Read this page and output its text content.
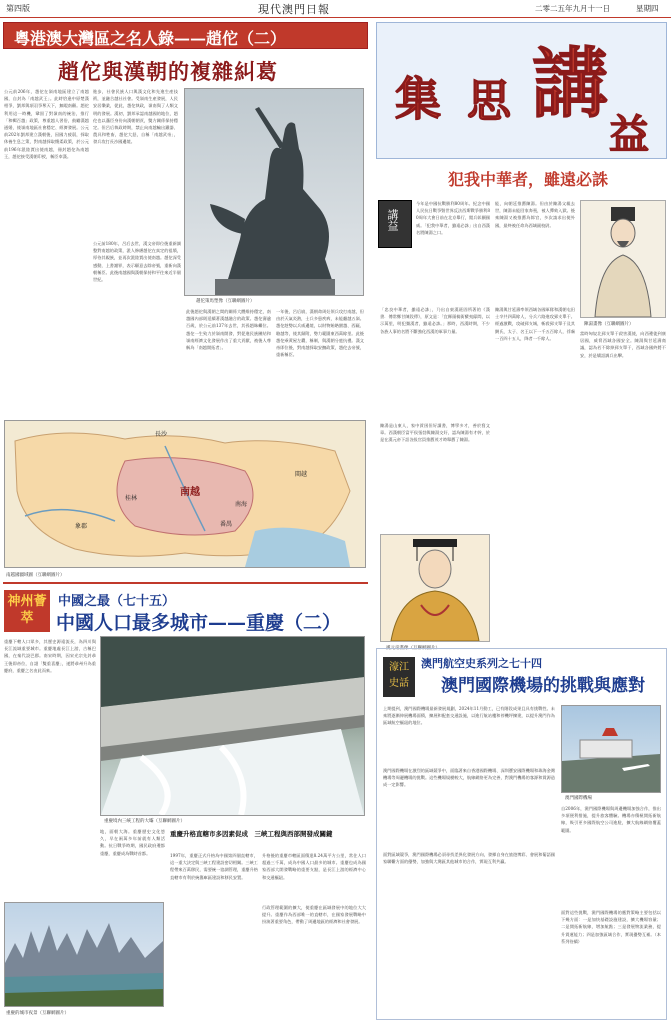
第四版	現代澳門日報	二零二五年九月十一日	星期四
粵港澳大灣區之名人錄——趙佗（二）
趙佗與漢朝的複雜糾葛
公元前206年，趙佗在嶺南地區建立了南越國，自封為「南越武王」。此時恰逢中原楚漢相爭，劉邦與項羽爭奪天下，無暇南顧。趙佗利用這一時機，鞏固了對嶺南的統治，推行「和輯百越」政策，尊重越人習俗，鼓勵漢越通婚，使嶺南地區社會穩定、經濟發展。公元前202年劉邦建立漢朝後，因國力疲弱，採取休養生息之策，對南越採取懷柔政策，於公元前196年派陸賈出使南越，冊封趙佗為南越王，趙佗接受漢朝印綬，稱臣奉漢。
進步，社會民族人口與漢文化和先進生產技術，並融合越社社會。受嶺南生產發展，人民安居樂業，從此，趙佗執政，嶺南與了人類文明的發展。漢初，劉邦承認南越國的地位，趙佗也以藩臣身份向漢朝朝貢，雙方關係保持穩定。但呂后執政時期，禁止向南越輸出鐵器、農具和牲畜，趙佗大怒，自稱「南越武帝」，發兵攻打長沙國邊境。
趙佗策馬塑像（互聯網圖片）
公元前180年，呂后去世，漢文帝即位後重新調整對南越的政策，派人修繕趙佗在真定的祖墳，厚待其親族，並再次派陸賈出使南越。趙佗深受感動，上書謝罪，表示願意去除帝號，重新向漢朝稱臣。此後南越國與漢朝保持和平往來近半個世紀。
此後趙佗與漢朝之間的關係大體維持穩定，南越國內部則延續著漢越融合的政策。趙佗壽逾百歲，於公元前137年去世，其孫趙眜繼位。趙佗一生致力於嶺南開發，對促進民族團結和嶺南經濟文化發展作出了重大貢獻，被後人尊稱為「南越開拓者」。
一年後，呂后崩，漢朝命周灶領兵攻打南越，但由於天氣炎熱，士兵多患疾病，未能翻越五嶺。趙佗趁勢以兵威邊境，以財物賄賂閩越、西甌、駱越等，使其歸附，勢力範圍東西萬餘里。此後趙佗乘黃屋左纛，稱制，與漢朝分庭抗禮。漢文帝即位後，對南越採取安撫政策，趙佗去帝號，重新稱臣。
長沙
南越
桂林
象郡
南海
番禺
閩越
南越國疆域圖（互聯網圖片）
集 思 講
益
犯我中華者，雖遠必誅
講益
今年是中國抗戰勝利80周年。紀念中國人民抗日戰爭暨世界反法西斯戰爭勝利80周年大會日前在北京舉行，閱兵彰顯國威。「犯我中華者，雖遠必誅」出自西漢名將陳湯之口。
能，向朝廷推薦陳湯。但由於陳湯父親去世，陳湯未能回家奔喪，被人彈劾入獄。後來陳湯又被推薦為郎官，多次請求出使外國，最終被任命為西域副校尉。
「忠良中華者，雖遠必誅」，乃出自東漢班固所著的《漢書．傅常鄭甘陳段傳》，原文是：「宜縣頭槁街蠻夷邸間，以示萬里，明犯彊漢者，雖遠必誅。」那時，西漢時期，不少各族人事的名將不斷強化西漢的軍事力量。
陳湯與甘延壽率領西域各國軍隊和漢朝屯田士卒共四萬餘人，分兵六路進攻郅支單于。經過激戰，攻破郅支城，斬殺郅支單于及其閼氏、太子、名王以下一千五百餘人，俘虜一百四十五人，降者一千餘人。
陳湯是山東人，家中貧困但好讀書，博學多才，善於寫文章。西漢朝臣富平侯張勃與陳湯交好，認為陳湯有才幹，於是在漢元帝下詔各級官員推薦茂才時舉薦了陳湯。
陳湯畫像（互聯網圖片）
當時匈奴北郅支單于殺害漢使，向西遷徙到康居國，威脅西域各國安全。陳湯與甘延壽商議，認為若不除掉郅支單于，西域各國終將不安，於是矯詔調兵出擊。
漢元帝畫像（互聯網圖片）
神州薈萃
中國之最（七十五）
中國人口最多城市——重慶（二）
重慶下轄人口眾多，其歷史源遠流長，為四川與長江流域重要城市。重慶地處長江上游，古稱巴國，在秦代設巴郡。南宋時期，因宋光宗先封恭王後即帝位，自詡「雙重喜慶」，遂將恭州升為重慶府，重慶之名由此而來。
重慶境內三峽工程的大壩（互聯網圖片）
地，面朝大海。重慶歷史文化悠久，早在兩萬多年前就有人類活動。抗日戰爭時期，國民政府遷都重慶，重慶成為戰時首都。
重慶升格直轄市多因素促成　三峽工程與西部開發成關鍵
1997年，重慶正式升格為中國第四個直轄市，這一重大決定與三峽工程建設密切相關。三峽工程帶來百萬移民，需要統一協調管理，重慶升格直轄市有利於統籌庫區建設和移民安置。
升格後的重慶市轄區面積達8.24萬平方公里，常住人口超過三千萬，成為中國人口最多的城市。重慶也成為國家西部大開發戰略的重要支點，是長江上游的經濟中心和交通樞紐。
行政管理範圍的擴大，使重慶在區域發展中的地位大大提升。重慶作為西部唯一的直轄市，在國家發展戰略中扮演著重要角色，帶動了周邊地區的經濟和社會發展。
重慶的城市夜景（互聯網圖片）
濠江史話
澳門航空史系列之七十四
澳門國際機場的挑戰與應對
上期提到，澳門國際機場最新發展規劃，2024年11月動工，已有階段成果且具有挑戰性。未來將逐漸伸展機場面積，擴展和配套交通設施，以進行航站樓和停機坪擴建，以提升澳門作為區域航空樞紐的地位。
澳門國際機場在激烈的區域競爭中，面臨著來自香港國際機場、深圳寶安國際機場和珠海金灣機場等周邊機場的挑戰。這些機場規模較大，航線網絡更為完善，對澳門機場的客源和貨源造成一定影響。
面對區域競爭，澳門國際機場必須尋找差異化發展方向，發揮自身在旅遊博彩、會展和葡語國家聯繫方面的優勢，加強與大灣區其他城市的合作，實現互利共贏。
澳門國際機場
自2006年，澳門國際機場與周邊機場加強合作，推出多項便利措施，提升旅客體驗。機場亦積極開拓新航線，吸引更多國際航空公司進駐，擴大航線網絡覆蓋範圍。
面對這些挑戰，澳門國際機場的應對策略主要包括以下幾方面：一是加快基礎設施建設，擴大機場容量；二是開拓新航線，增加航點；三是發展物流業務，提升貨運能力；四是加強區域合作，實現優勢互補。（本系列待續）
